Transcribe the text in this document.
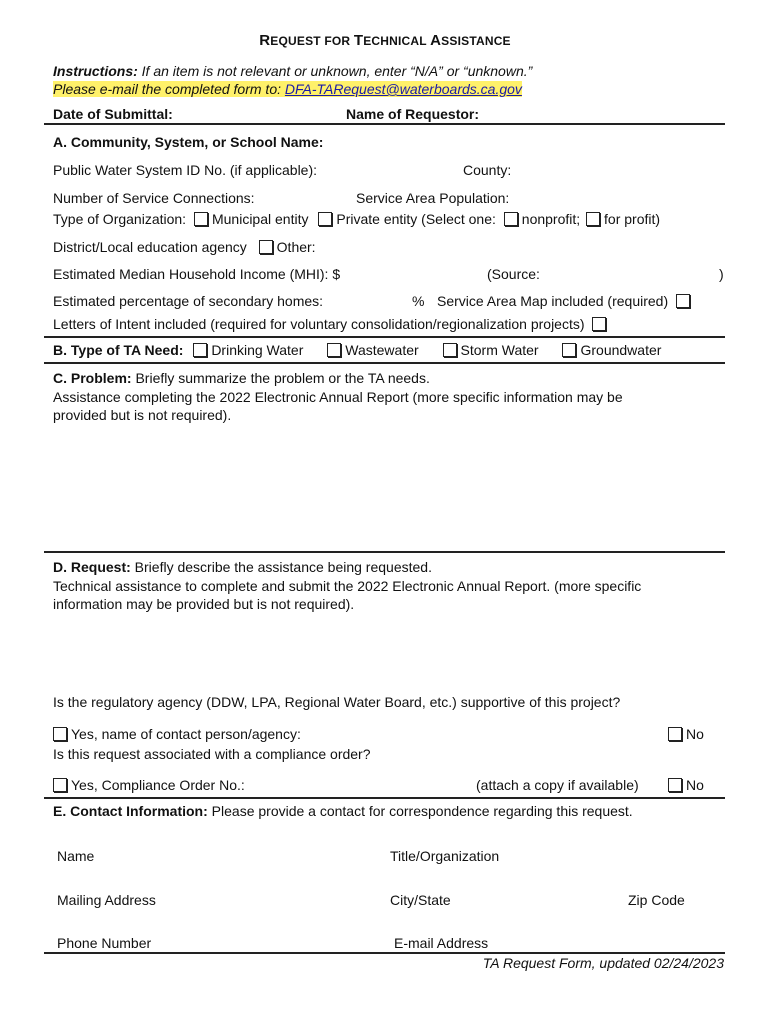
REQUEST FOR TECHNICAL ASSISTANCE
Instructions: If an item is not relevant or unknown, enter “N/A” or “unknown.”
Please e-mail the completed form to: DFA-TARequest@waterboards.ca.gov
Date of Submittal:	Name of Requestor:
A. Community, System, or School Name:
Public Water System ID No. (if applicable):	County:
Number of Service Connections:	Service Area Population:
Type of Organization: Municipal entity Private entity (Select one: nonprofit; for profit)
District/Local education agency Other:
Estimated Median Household Income (MHI): $	(Source:	)
Estimated percentage of secondary homes:	% Service Area Map included (required)
Letters of Intent included (required for voluntary consolidation/regionalization projects)
B. Type of TA Need: Drinking Water	Wastewater	Storm Water	Groundwater
C. Problem: Briefly summarize the problem or the TA needs.
Assistance completing the 2022 Electronic Annual Report (more specific information may be
provided but is not required).
D. Request: Briefly describe the assistance being requested.
Technical assistance to complete and submit the 2022 Electronic Annual Report. (more specific
information may be provided but is not required).
Is the regulatory agency (DDW, LPA, Regional Water Board, etc.) supportive of this project?
Yes, name of contact person/agency:	No
Is this request associated with a compliance order?
Yes, Compliance Order No.:	(attach a copy if available)	No
E. Contact Information: Please provide a contact for correspondence regarding this request.
Name	Title/Organization
Mailing Address	City/State	Zip Code
Phone Number	E-mail Address
TA Request Form, updated 02/24/2023
